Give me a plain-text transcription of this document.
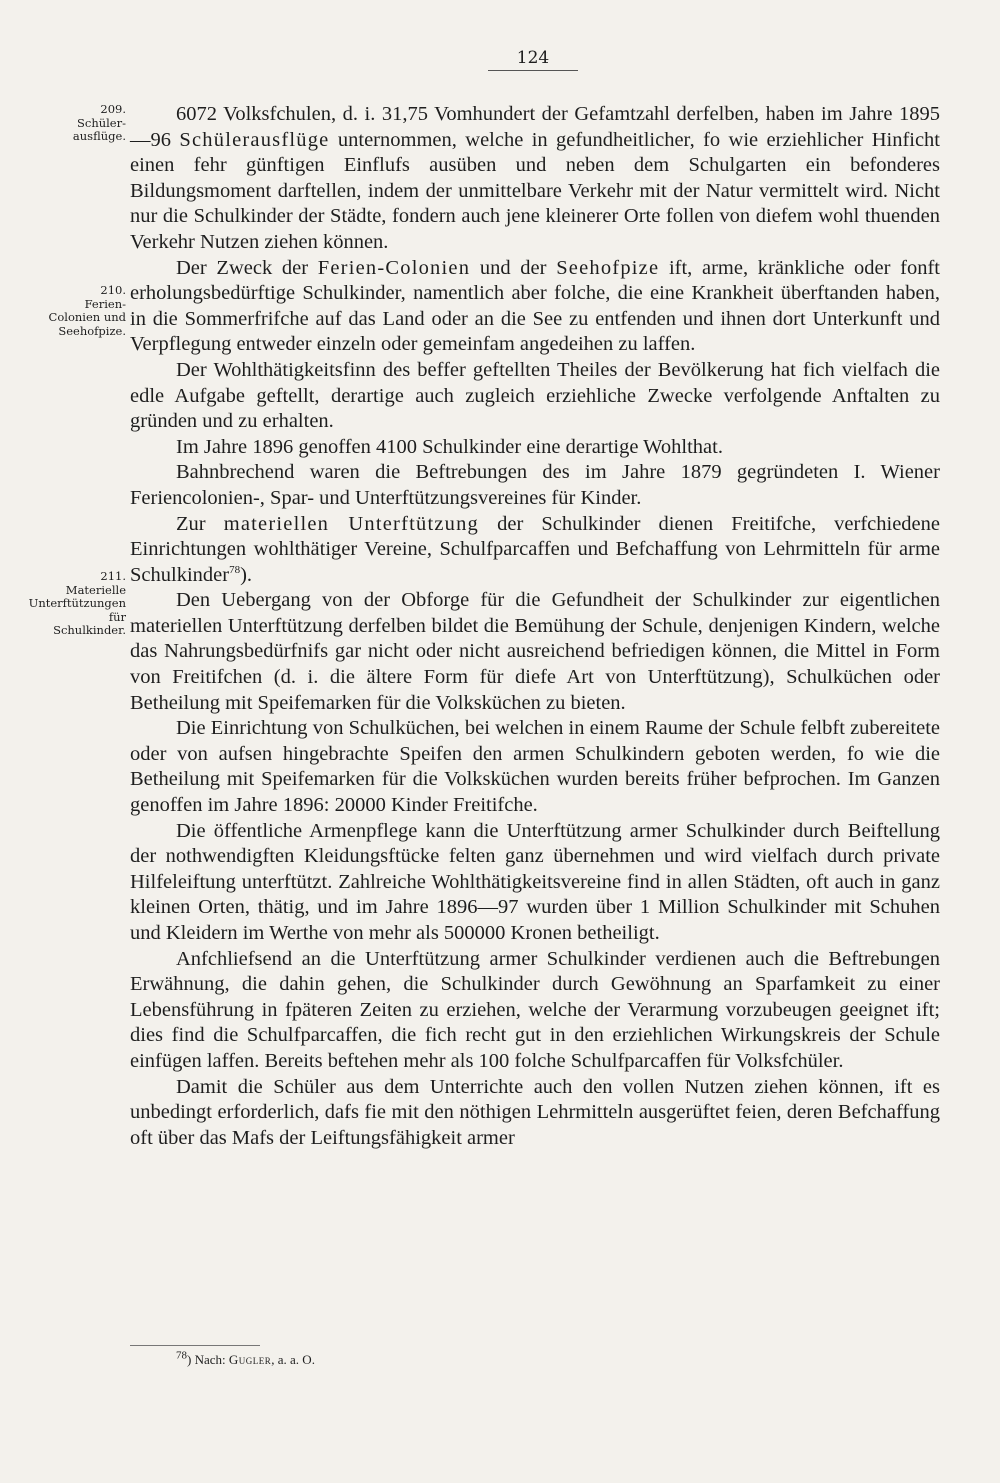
124
209.
Schüler-
ausflüge.
210.
Ferien-
Colonien und
Seehofpize.
211.
Materielle
Unterftützungen
für
Schulkinder.

6072 Volksfchulen, d. i. 31,75 Vomhundert der Gefamtzahl derfelben, haben im Jahre 1895—96 Schülerausflüge unternommen, welche in gefundheitlicher, fo wie erziehlicher Hinficht einen fehr günftigen Einflufs ausüben und neben dem Schulgarten ein befonderes Bildungsmoment darftellen, indem der unmittelbare Verkehr mit der Natur vermittelt wird. Nicht nur die Schulkinder der Städte, fondern auch jene kleinerer Orte follen von diefem wohl thuenden Verkehr Nutzen ziehen können.

Der Zweck der Ferien-Colonien und der Seehofpize ift, arme, kränkliche oder fonft erholungsbedürftige Schulkinder, namentlich aber folche, die eine Krankheit überftanden haben, in die Sommerfrifche auf das Land oder an die See zu entfenden und ihnen dort Unterkunft und Verpflegung entweder einzeln oder gemeinfam angedeihen zu laffen.

Der Wohlthätigkeitsfinn des beffer geftellten Theiles der Bevölkerung hat fich vielfach die edle Aufgabe geftellt, derartige auch zugleich erziehliche Zwecke verfolgende Anftalten zu gründen und zu erhalten.

Im Jahre 1896 genoffen 4100 Schulkinder eine derartige Wohlthat.

Bahnbrechend waren die Beftrebungen des im Jahre 1879 gegründeten I. Wiener Feriencolonien-, Spar- und Unterftützungsvereines für Kinder.

Zur materiellen Unterftützung der Schulkinder dienen Freitifche, verfchiedene Einrichtungen wohlthätiger Vereine, Schulfparcaffen und Befchaffung von Lehrmitteln für arme Schulkinder$^{78}$).

Den Uebergang von der Obforge für die Gefundheit der Schulkinder zur eigentlichen materiellen Unterftützung derfelben bildet die Bemühung der Schule, denjenigen Kindern, welche das Nahrungsbedürfnifs gar nicht oder nicht ausreichend befriedigen können, die Mittel in Form von Freitifchen (d. i. die ältere Form für diefe Art von Unterftützung), Schulküchen oder Betheilung mit Speifemarken für die Volksküchen zu bieten.

Die Einrichtung von Schulküchen, bei welchen in einem Raume der Schule felbft zubereitete oder von aufsen hingebrachte Speifen den armen Schulkindern geboten werden, fo wie die Betheilung mit Speifemarken für die Volksküchen wurden bereits früher befprochen. Im Ganzen genoffen im Jahre 1896: 20000 Kinder Freitifche.

Die öffentliche Armenpflege kann die Unterftützung armer Schulkinder durch Beiftellung der nothwendigften Kleidungsftücke felten ganz übernehmen und wird vielfach durch private Hilfeleiftung unterftützt. Zahlreiche Wohlthätigkeitsvereine find in allen Städten, oft auch in ganz kleinen Orten, thätig, und im Jahre 1896—97 wurden über 1 Million Schulkinder mit Schuhen und Kleidern im Werthe von mehr als 500000 Kronen betheiligt.

Anfchliefsend an die Unterftützung armer Schulkinder verdienen auch die Beftrebungen Erwähnung, die dahin gehen, die Schulkinder durch Gewöhnung an Sparfamkeit zu einer Lebensführung in fpäteren Zeiten zu erziehen, welche der Verarmung vorzubeugen geeignet ift; dies find die Schulfparcaffen, die fich recht gut in den erziehlichen Wirkungskreis der Schule einfügen laffen. Bereits beftehen mehr als 100 folche Schulfparcaffen für Volksfchüler.

Damit die Schüler aus dem Unterrichte auch den vollen Nutzen ziehen können, ift es unbedingt erforderlich, dafs fie mit den nöthigen Lehrmitteln ausgerüftet feien, deren Befchaffung oft über das Mafs der Leiftungsfähigkeit armer

$^{78}$) Nach: Gugler, a. a. O.
